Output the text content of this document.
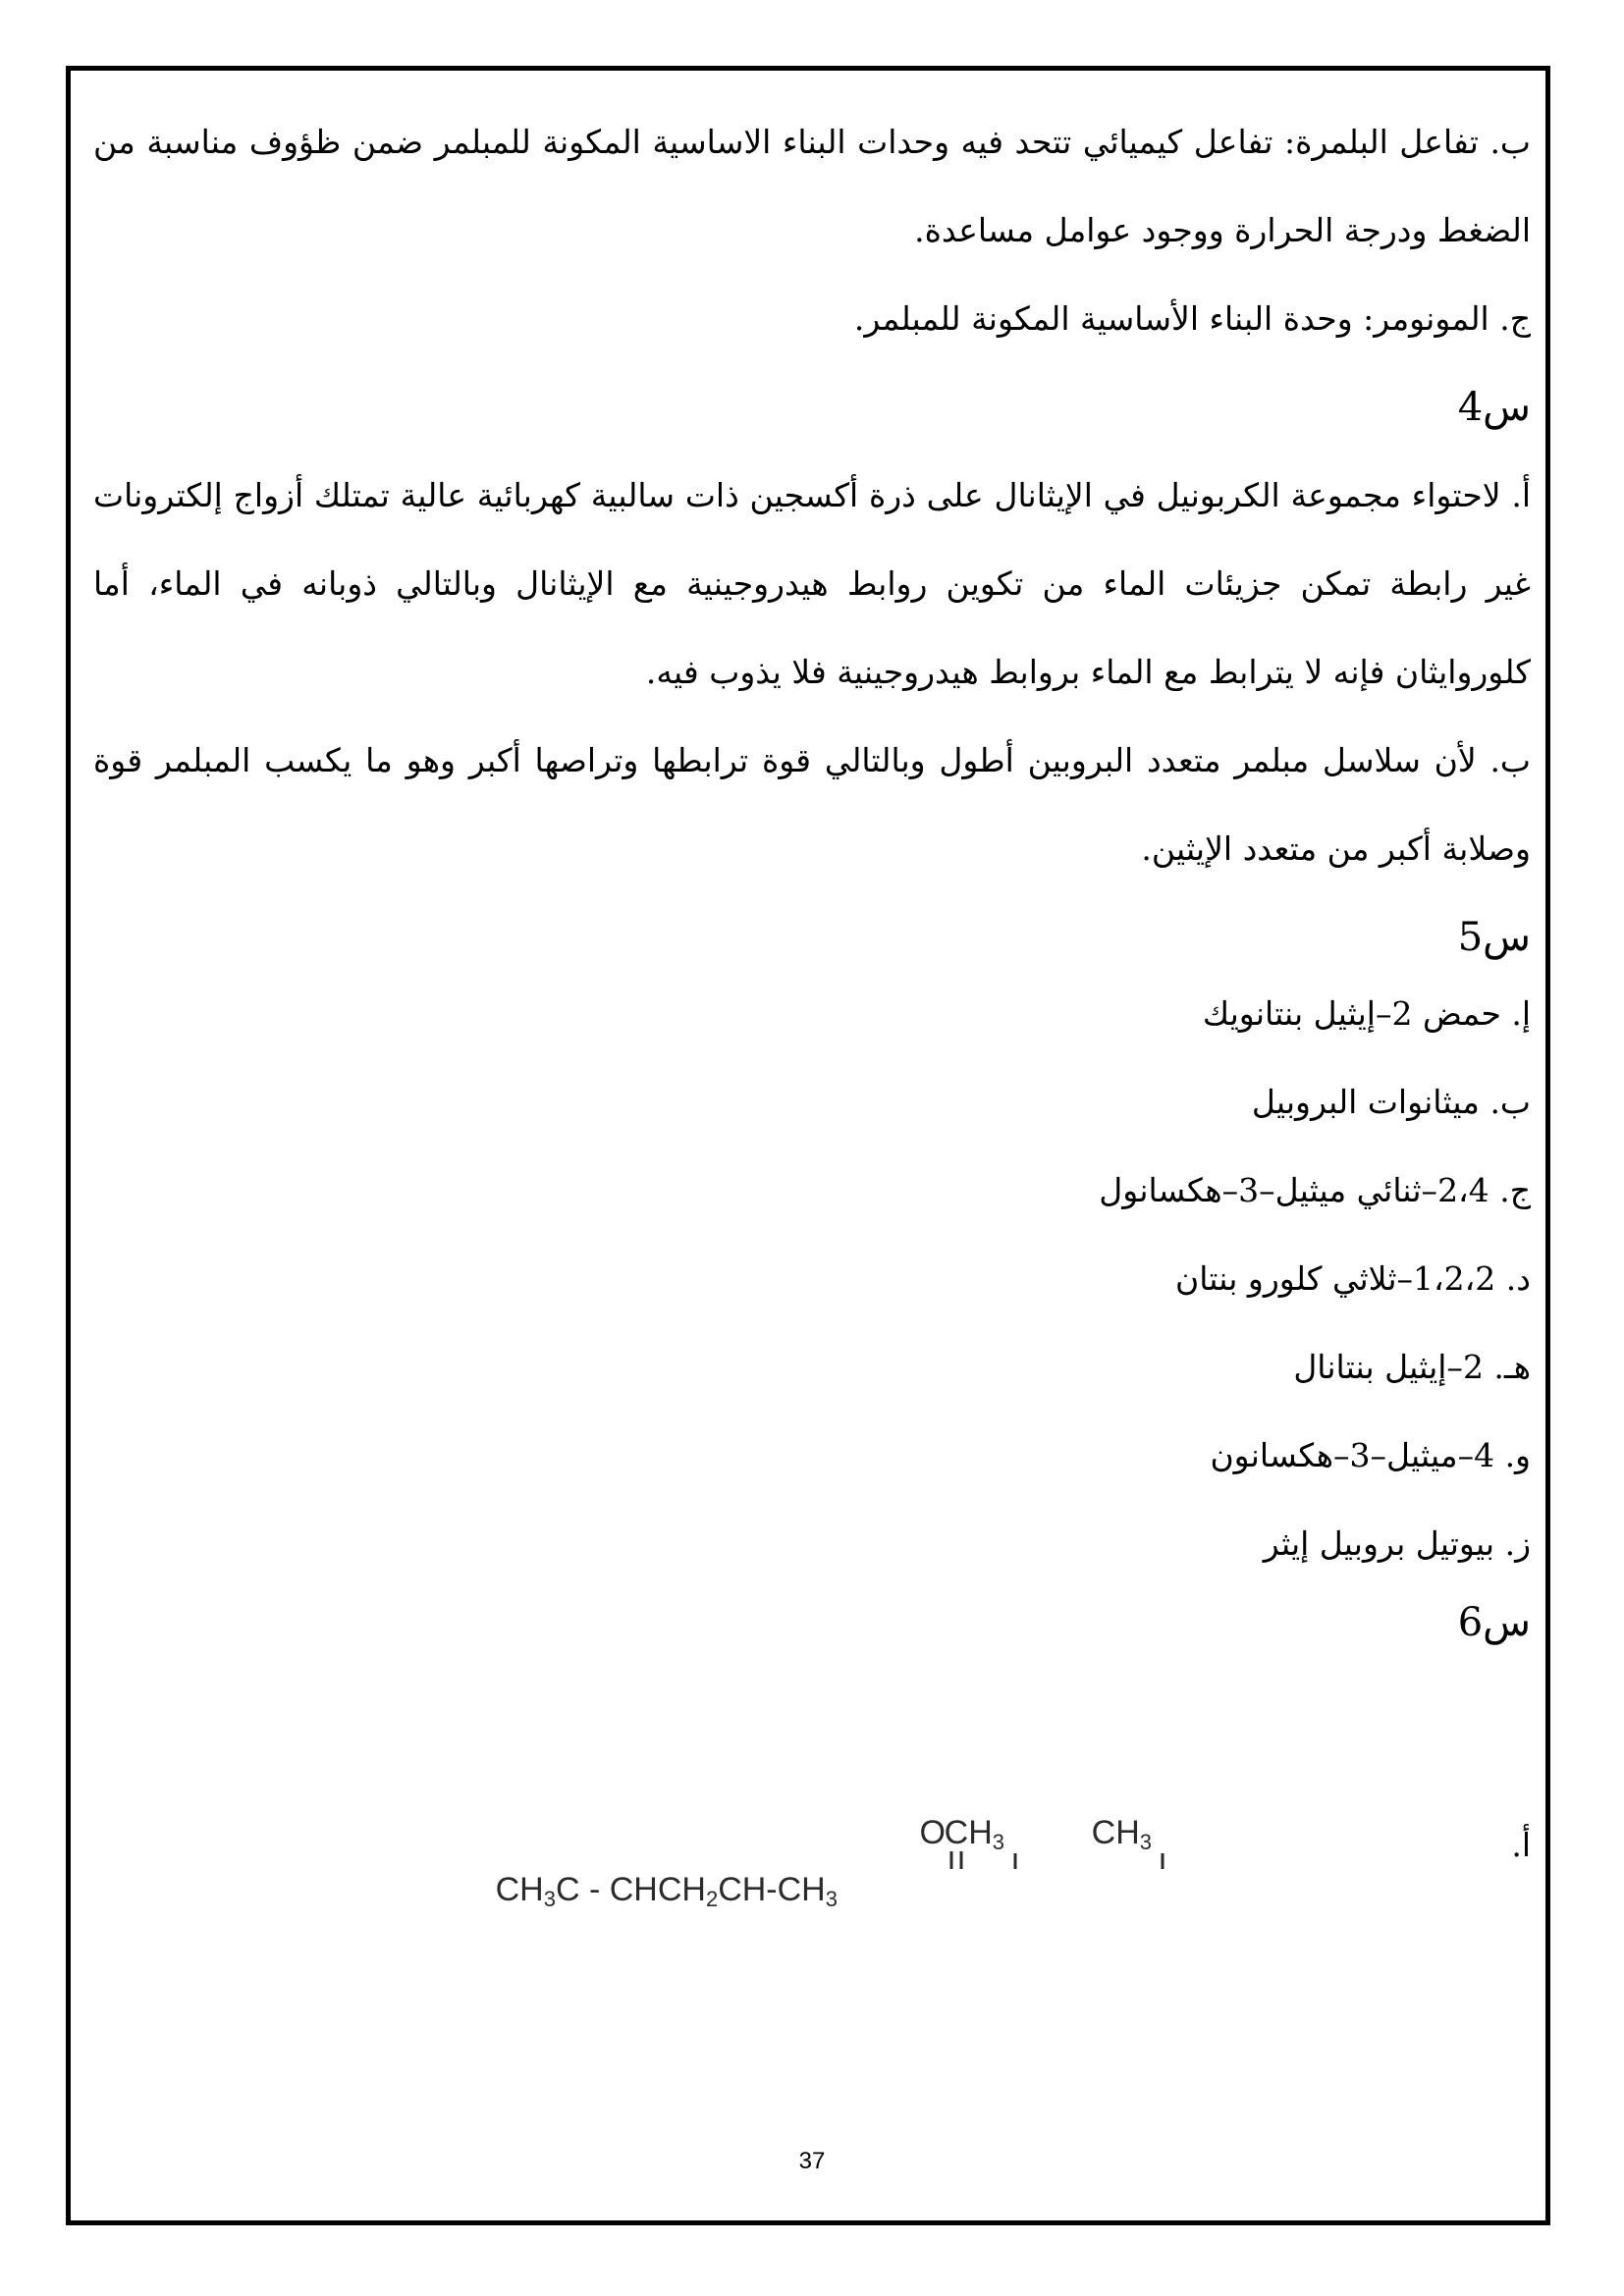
ب. تفاعل البلمرة: تفاعل كيميائي تتحد فيه وحدات البناء الاساسية المكونة للمبلمر ضمن ظؤوف مناسبة من الضغط ودرجة الحرارة ووجود عوامل مساعدة.

ج. المونومر: وحدة البناء الأساسية المكونة للمبلمر.

س4

أ. لاحتواء مجموعة الكربونيل في الإيثانال على ذرة أكسجين ذات سالبية كهربائية عالية تمتلك أزواج إلكترونات غير رابطة تمكن جزيئات الماء من تكوين روابط هيدروجينية مع الإيثانال وبالتالي ذوبانه في الماء، أما كلوروايثان فإنه لا يترابط مع الماء بروابط هيدروجينية فلا يذوب فيه.

ب. لأن سلاسل مبلمر متعدد البروبين أطول وبالتالي قوة ترابطها وتراصها أكبر وهو ما يكسب المبلمر قوة وصلابة أكبر من متعدد الإيثين.

س5

إ. حمض 2–إيثيل بنتانويك

ب. ميثانوات البروبيل

ج. 2،4–ثنائي ميثيل–3–هكسانول

د. 1،2،2–ثلاثي كلورو بنتان

هـ. 2–إيثيل بنتانال

و. 4–ميثيل–3–هكسانون

ز. بيوتيل بروبيل إيثر

س6

أ.
O
CH3	CH3
CH3C - CHCH2CH-CH3
37
